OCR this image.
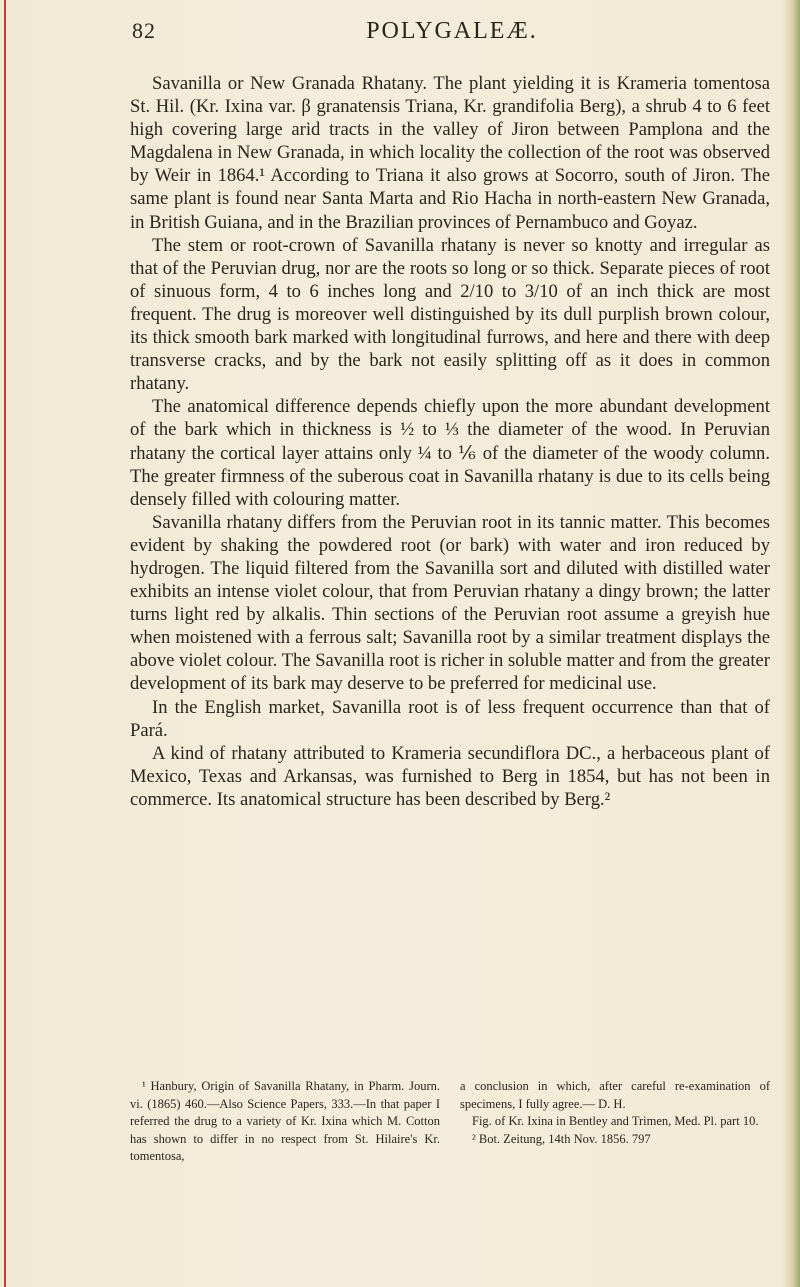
82	POLYGALEÆ.

Savanilla or New Granada Rhatany. The plant yielding it is Krameria tomentosa St. Hil. (Kr. Ixina var. β granatensis Triana, Kr. grandifolia Berg), a shrub 4 to 6 feet high covering large arid tracts in the valley of Jiron between Pamplona and the Magdalena in New Granada, in which locality the collection of the root was observed by Weir in 1864.¹ According to Triana it also grows at Socorro, south of Jiron. The same plant is found near Santa Marta and Rio Hacha in north-eastern New Granada, in British Guiana, and in the Brazilian provinces of Pernambuco and Goyaz.

The stem or root-crown of Savanilla rhatany is never so knotty and irregular as that of the Peruvian drug, nor are the roots so long or so thick. Separate pieces of root of sinuous form, 4 to 6 inches long and 2/10 to 3/10 of an inch thick are most frequent. The drug is moreover well distinguished by its dull purplish brown colour, its thick smooth bark marked with longitudinal furrows, and here and there with deep transverse cracks, and by the bark not easily splitting off as it does in common rhatany.

The anatomical difference depends chiefly upon the more abundant development of the bark which in thickness is ½ to ⅓ the diameter of the wood. In Peruvian rhatany the cortical layer attains only ¼ to ⅙ of the diameter of the woody column. The greater firmness of the suberous coat in Savanilla rhatany is due to its cells being densely filled with colouring matter.

Savanilla rhatany differs from the Peruvian root in its tannic matter. This becomes evident by shaking the powdered root (or bark) with water and iron reduced by hydrogen. The liquid filtered from the Savanilla sort and diluted with distilled water exhibits an intense violet colour, that from Peruvian rhatany a dingy brown; the latter turns light red by alkalis. Thin sections of the Peruvian root assume a greyish hue when moistened with a ferrous salt; Savanilla root by a similar treatment displays the above violet colour. The Savanilla root is richer in soluble matter and from the greater development of its bark may deserve to be preferred for medicinal use.

In the English market, Savanilla root is of less frequent occurrence than that of Pará.

A kind of rhatany attributed to Krameria secundiflora DC., a herbaceous plant of Mexico, Texas and Arkansas, was furnished to Berg in 1854, but has not been in commerce. Its anatomical structure has been described by Berg.²

¹ Hanbury, Origin of Savanilla Rhatany, in Pharm. Journ. vi. (1865) 460.—Also Science Papers, 333.—In that paper I referred the drug to a variety of Kr. Ixina which M. Cotton has shown to differ in no respect from St. Hilaire's Kr. tomentosa,

a conclusion in which, after careful re-examination of specimens, I fully agree.— D. H.

Fig. of Kr. Ixina in Bentley and Trimen, Med. Pl. part 10.

² Bot. Zeitung, 14th Nov. 1856. 797
